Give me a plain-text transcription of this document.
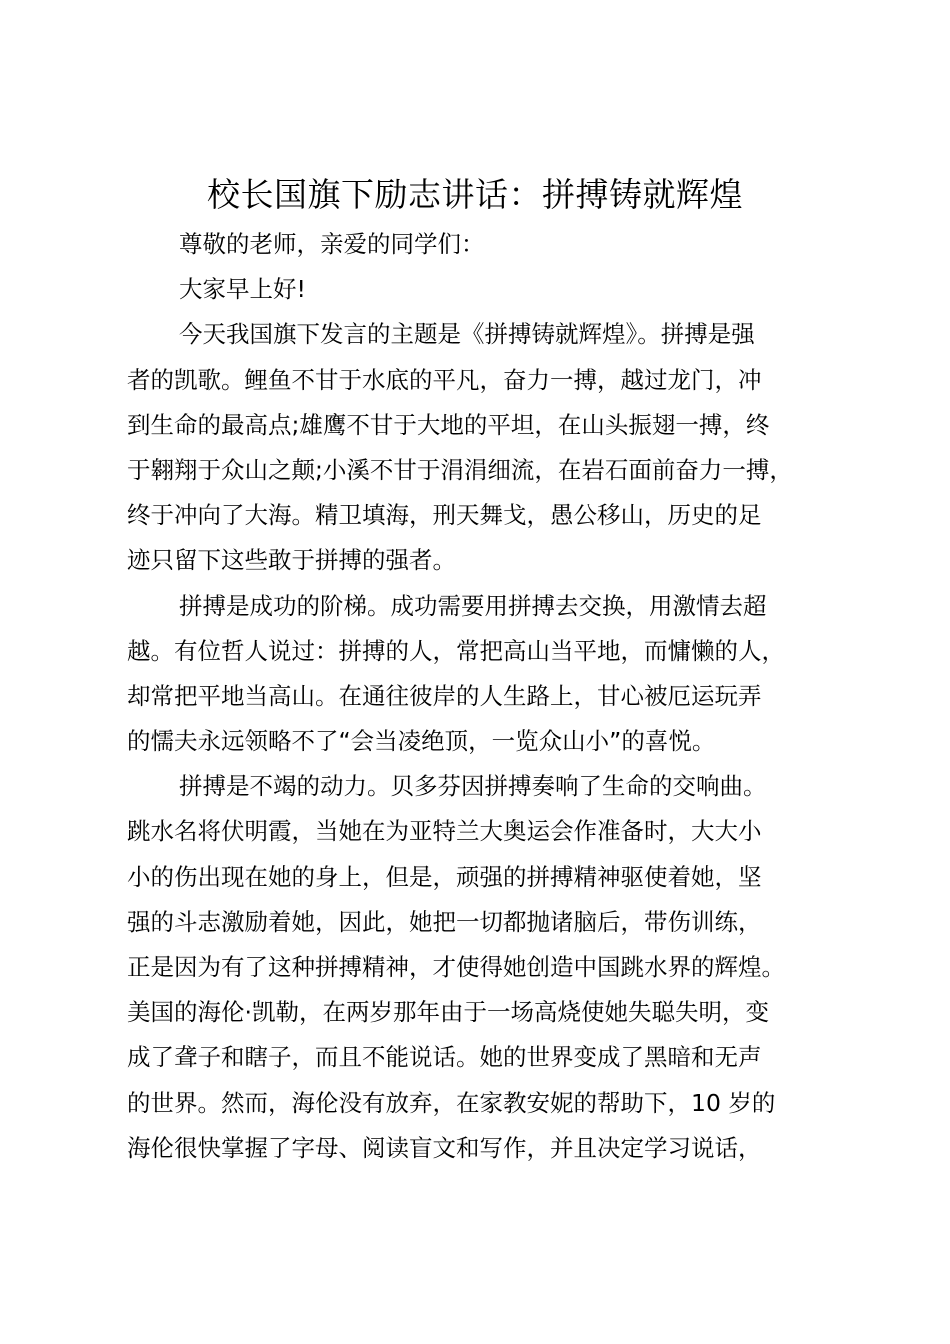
校长国旗下励志讲话：拼搏铸就辉煌
尊敬的老师，亲爱的同学们：
大家早上好!
今天我国旗下发言的主题是《拼搏铸就辉煌》。拼搏是强
者的凯歌。鲤鱼不甘于水底的平凡，奋力一搏，越过龙门，冲
到生命的最高点;雄鹰不甘于大地的平坦，在山头振翅一搏，终
于翱翔于众山之颠;小溪不甘于涓涓细流，在岩石面前奋力一搏，
终于冲向了大海。精卫填海，刑天舞戈，愚公移山，历史的足
迹只留下这些敢于拼搏的强者。
拼搏是成功的阶梯。成功需要用拼搏去交换，用激情去超
越。有位哲人说过：拼搏的人，常把高山当平地，而慵懒的人，
却常把平地当高山。在通往彼岸的人生路上，甘心被厄运玩弄
的懦夫永远领略不了“会当凌绝顶，一览众山小”的喜悦。
拼搏是不竭的动力。贝多芬因拼搏奏响了生命的交响曲。
跳水名将伏明霞，当她在为亚特兰大奥运会作准备时，大大小
小的伤出现在她的身上，但是，顽强的拼搏精神驱使着她，坚
强的斗志激励着她，因此，她把一切都抛诸脑后，带伤训练，
正是因为有了这种拼搏精神，才使得她创造中国跳水界的辉煌。
美国的海伦·凯勒，在两岁那年由于一场高烧使她失聪失明，变
成了聋子和瞎子，而且不能说话。她的世界变成了黑暗和无声
的世界。然而，海伦没有放弃，在家教安妮的帮助下，10 岁的
海伦很快掌握了字母、阅读盲文和写作，并且决定学习说话，
